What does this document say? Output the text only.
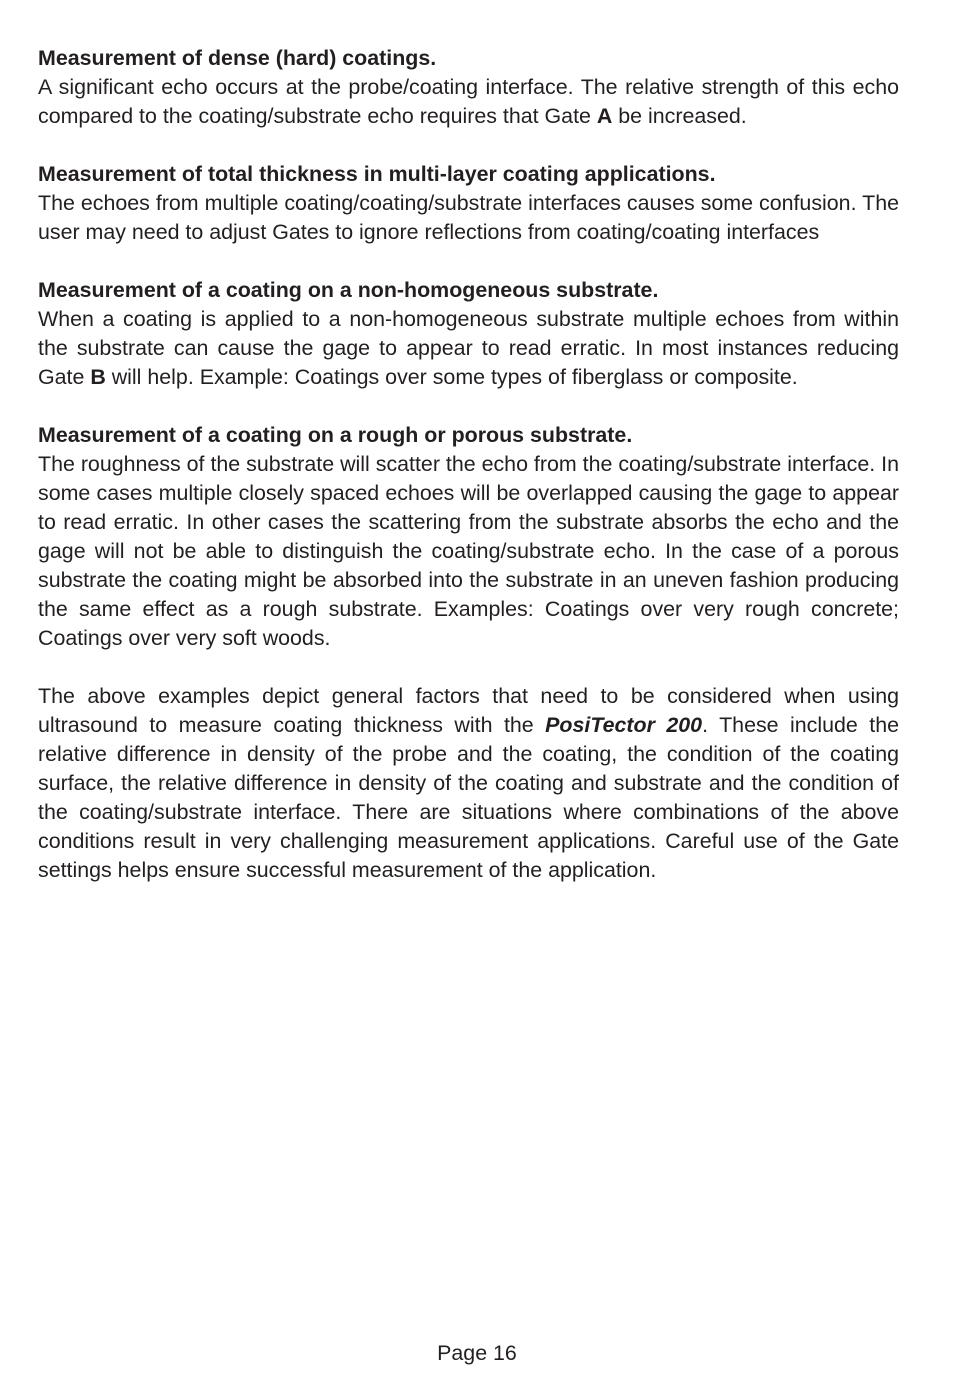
Measurement of dense (hard) coatings.

A significant echo occurs at the probe/coating interface. The relative strength of this echo compared to the coating/substrate echo requires that Gate A be increased.

Measurement of total thickness in multi-layer coating applications.

The echoes from multiple coating/coating/substrate interfaces causes some confusion. The user may need to adjust Gates to ignore reflections from coating/coating interfaces

Measurement of a coating on a non-homogeneous substrate.

When a coating is applied to a non-homogeneous substrate multiple echoes from within the substrate can cause the gage to appear to read erratic. In most instances reducing Gate B will help. Example: Coatings over some types of fiberglass or composite.

Measurement of a coating on a rough or porous substrate.

The roughness of the substrate will scatter the echo from the coating/substrate interface. In some cases multiple closely spaced echoes will be overlapped causing the gage to appear to read erratic. In other cases the scattering from the substrate absorbs the echo and the gage will not be able to distinguish the coating/substrate echo. In the case of a porous substrate the coating might be absorbed into the substrate in an uneven fashion producing the same effect as a rough substrate. Examples: Coatings over very rough concrete; Coatings over very soft woods.

The above examples depict general factors that need to be considered when using ultrasound to measure coating thickness with the PosiTector 200. These include the relative difference in density of the probe and the coating, the condition of the coating surface, the relative difference in density of the coating and substrate and the condition of the coating/substrate interface. There are situations where combinations of the above conditions result in very challenging measurement applications. Careful use of the Gate settings helps ensure successful measurement of the application.

Page 16
